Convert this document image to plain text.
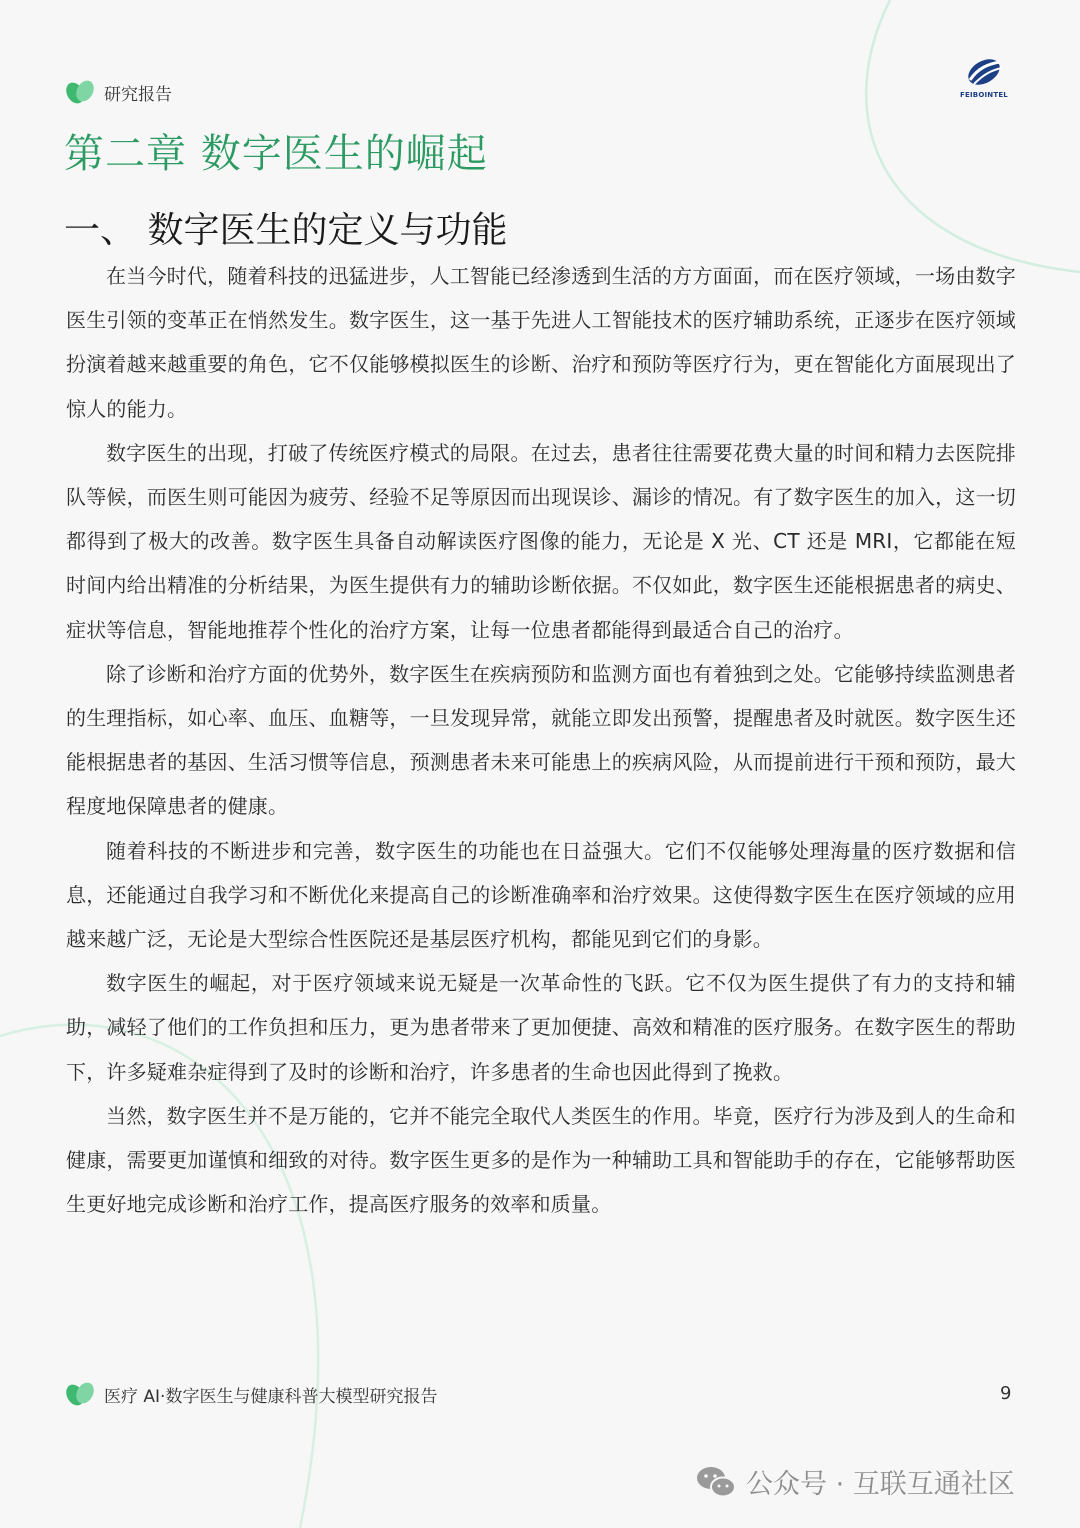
研究报告	FEIBOINTEL
第二章 数字医生的崛起
一、 数字医生的定义与功能

在当今时代，随着科技的迅猛进步，人工智能已经渗透到生活的方方面面，而在医疗领域，一场由数字医生引领的变革正在悄然发生。数字医生，这一基于先进人工智能技术的医疗辅助系统，正逐步在医疗领域扮演着越来越重要的角色，它不仅能够模拟医生的诊断、治疗和预防等医疗行为，更在智能化方面展现出了惊人的能力。

数字医生的出现，打破了传统医疗模式的局限。在过去，患者往往需要花费大量的时间和精力去医院排队等候，而医生则可能因为疲劳、经验不足等原因而出现误诊、漏诊的情况。有了数字医生的加入，这一切都得到了极大的改善。数字医生具备自动解读医疗图像的能力，无论是 X 光、CT 还是 MRI，它都能在短时间内给出精准的分析结果，为医生提供有力的辅助诊断依据。不仅如此，数字医生还能根据患者的病史、症状等信息，智能地推荐个性化的治疗方案，让每一位患者都能得到最适合自己的治疗。

除了诊断和治疗方面的优势外，数字医生在疾病预防和监测方面也有着独到之处。它能够持续监测患者的生理指标，如心率、血压、血糖等，一旦发现异常，就能立即发出预警，提醒患者及时就医。数字医生还能根据患者的基因、生活习惯等信息，预测患者未来可能患上的疾病风险，从而提前进行干预和预防，最大程度地保障患者的健康。

随着科技的不断进步和完善，数字医生的功能也在日益强大。它们不仅能够处理海量的医疗数据和信息，还能通过自我学习和不断优化来提高自己的诊断准确率和治疗效果。这使得数字医生在医疗领域的应用越来越广泛，无论是大型综合性医院还是基层医疗机构，都能见到它们的身影。

数字医生的崛起，对于医疗领域来说无疑是一次革命性的飞跃。它不仅为医生提供了有力的支持和辅助，减轻了他们的工作负担和压力，更为患者带来了更加便捷、高效和精准的医疗服务。在数字医生的帮助下，许多疑难杂症得到了及时的诊断和治疗，许多患者的生命也因此得到了挽救。

当然，数字医生并不是万能的，它并不能完全取代人类医生的作用。毕竟，医疗行为涉及到人的生命和健康，需要更加谨慎和细致的对待。数字医生更多的是作为一种辅助工具和智能助手的存在，它能够帮助医生更好地完成诊断和治疗工作，提高医疗服务的效率和质量。

医疗 AI·数字医生与健康科普大模型研究报告	9
公众号 · 互联互通社区
